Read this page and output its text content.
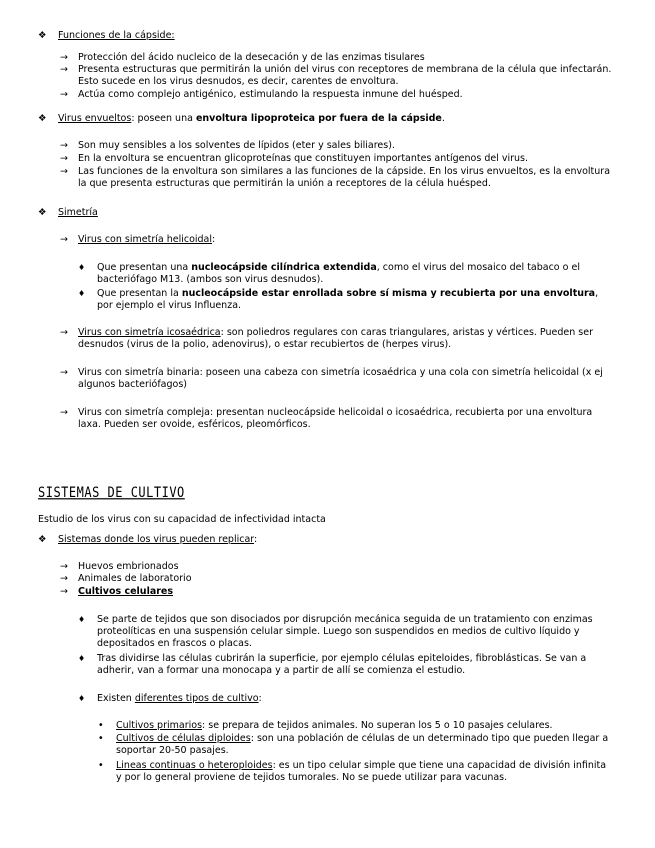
❖ Funciones de la cápside:
→ Protección del ácido nucleico de la desecación y de las enzimas tisulares
→ Presenta estructuras que permitirán la unión del virus con receptores de membrana de la célula que infectarán. Esto sucede en los virus desnudos, es decir, carentes de envoltura.
→ Actúa como complejo antigénico, estimulando la respuesta inmune del huésped.
❖ Virus envueltos: poseen una envoltura lipoproteica por fuera de la cápside.
→ Son muy sensibles a los solventes de lípidos (eter y sales biliares).
→ En la envoltura se encuentran glicoproteínas que constituyen importantes antígenos del virus.
→ Las funciones de la envoltura son similares a las funciones de la cápside. En los virus envueltos, es la envoltura la que presenta estructuras que permitirán la unión a receptores de la célula huésped.
❖ Simetría
→ Virus con simetría helicoidal:
♦ Que presentan una nucleocápside cilíndrica extendida, como el virus del mosaico del tabaco o el bacteriófago M13. (ambos son virus desnudos).
♦ Que presentan la nucleocápside estar enrollada sobre sí misma y recubierta por una envoltura, por ejemplo el virus Influenza.
→ Virus con simetría icosaédrica: son poliedros regulares con caras triangulares, aristas y vértices. Pueden ser desnudos (virus de la polio, adenovirus), o estar recubiertos de (herpes virus).
→ Virus con simetría binaria: poseen una cabeza con simetría icosaédrica y una cola con simetría helicoidal (x ej algunos bacteriófagos)
→ Virus con simetría compleja: presentan nucleocápside helicoidal o icosaédrica, recubierta por una envoltura laxa. Pueden ser ovoide, esféricos, pleomórficos.
SISTEMAS DE CULTIVO
Estudio de los virus con su capacidad de infectividad intacta
❖ Sistemas donde los virus pueden replicar:
→ Huevos embrionados
→ Animales de laboratorio
→ Cultivos celulares
♦ Se parte de tejidos que son disociados por disrupción mecánica seguida de un tratamiento con enzimas proteolíticas en una suspensión celular simple. Luego son suspendidos en medios de cultivo líquido y depositados en frascos o placas.
♦ Tras dividirse las células cubrirán la superficie, por ejemplo células epiteloides, fibroblásticas. Se van a adherir, van a formar una monocapa y a partir de allí se comienza el estudio.
♦ Existen diferentes tipos de cultivo:
• Cultivos primarios: se prepara de tejidos animales. No superan los 5 o 10 pasajes celulares.
• Cultivos de células diploides: son una población de células de un determinado tipo que pueden llegar a soportar 20-50 pasajes.
• Lineas continuas o heteroploides: es un tipo celular simple que tiene una capacidad de división infinita y por lo general proviene de tejidos tumorales. No se puede utilizar para vacunas.
